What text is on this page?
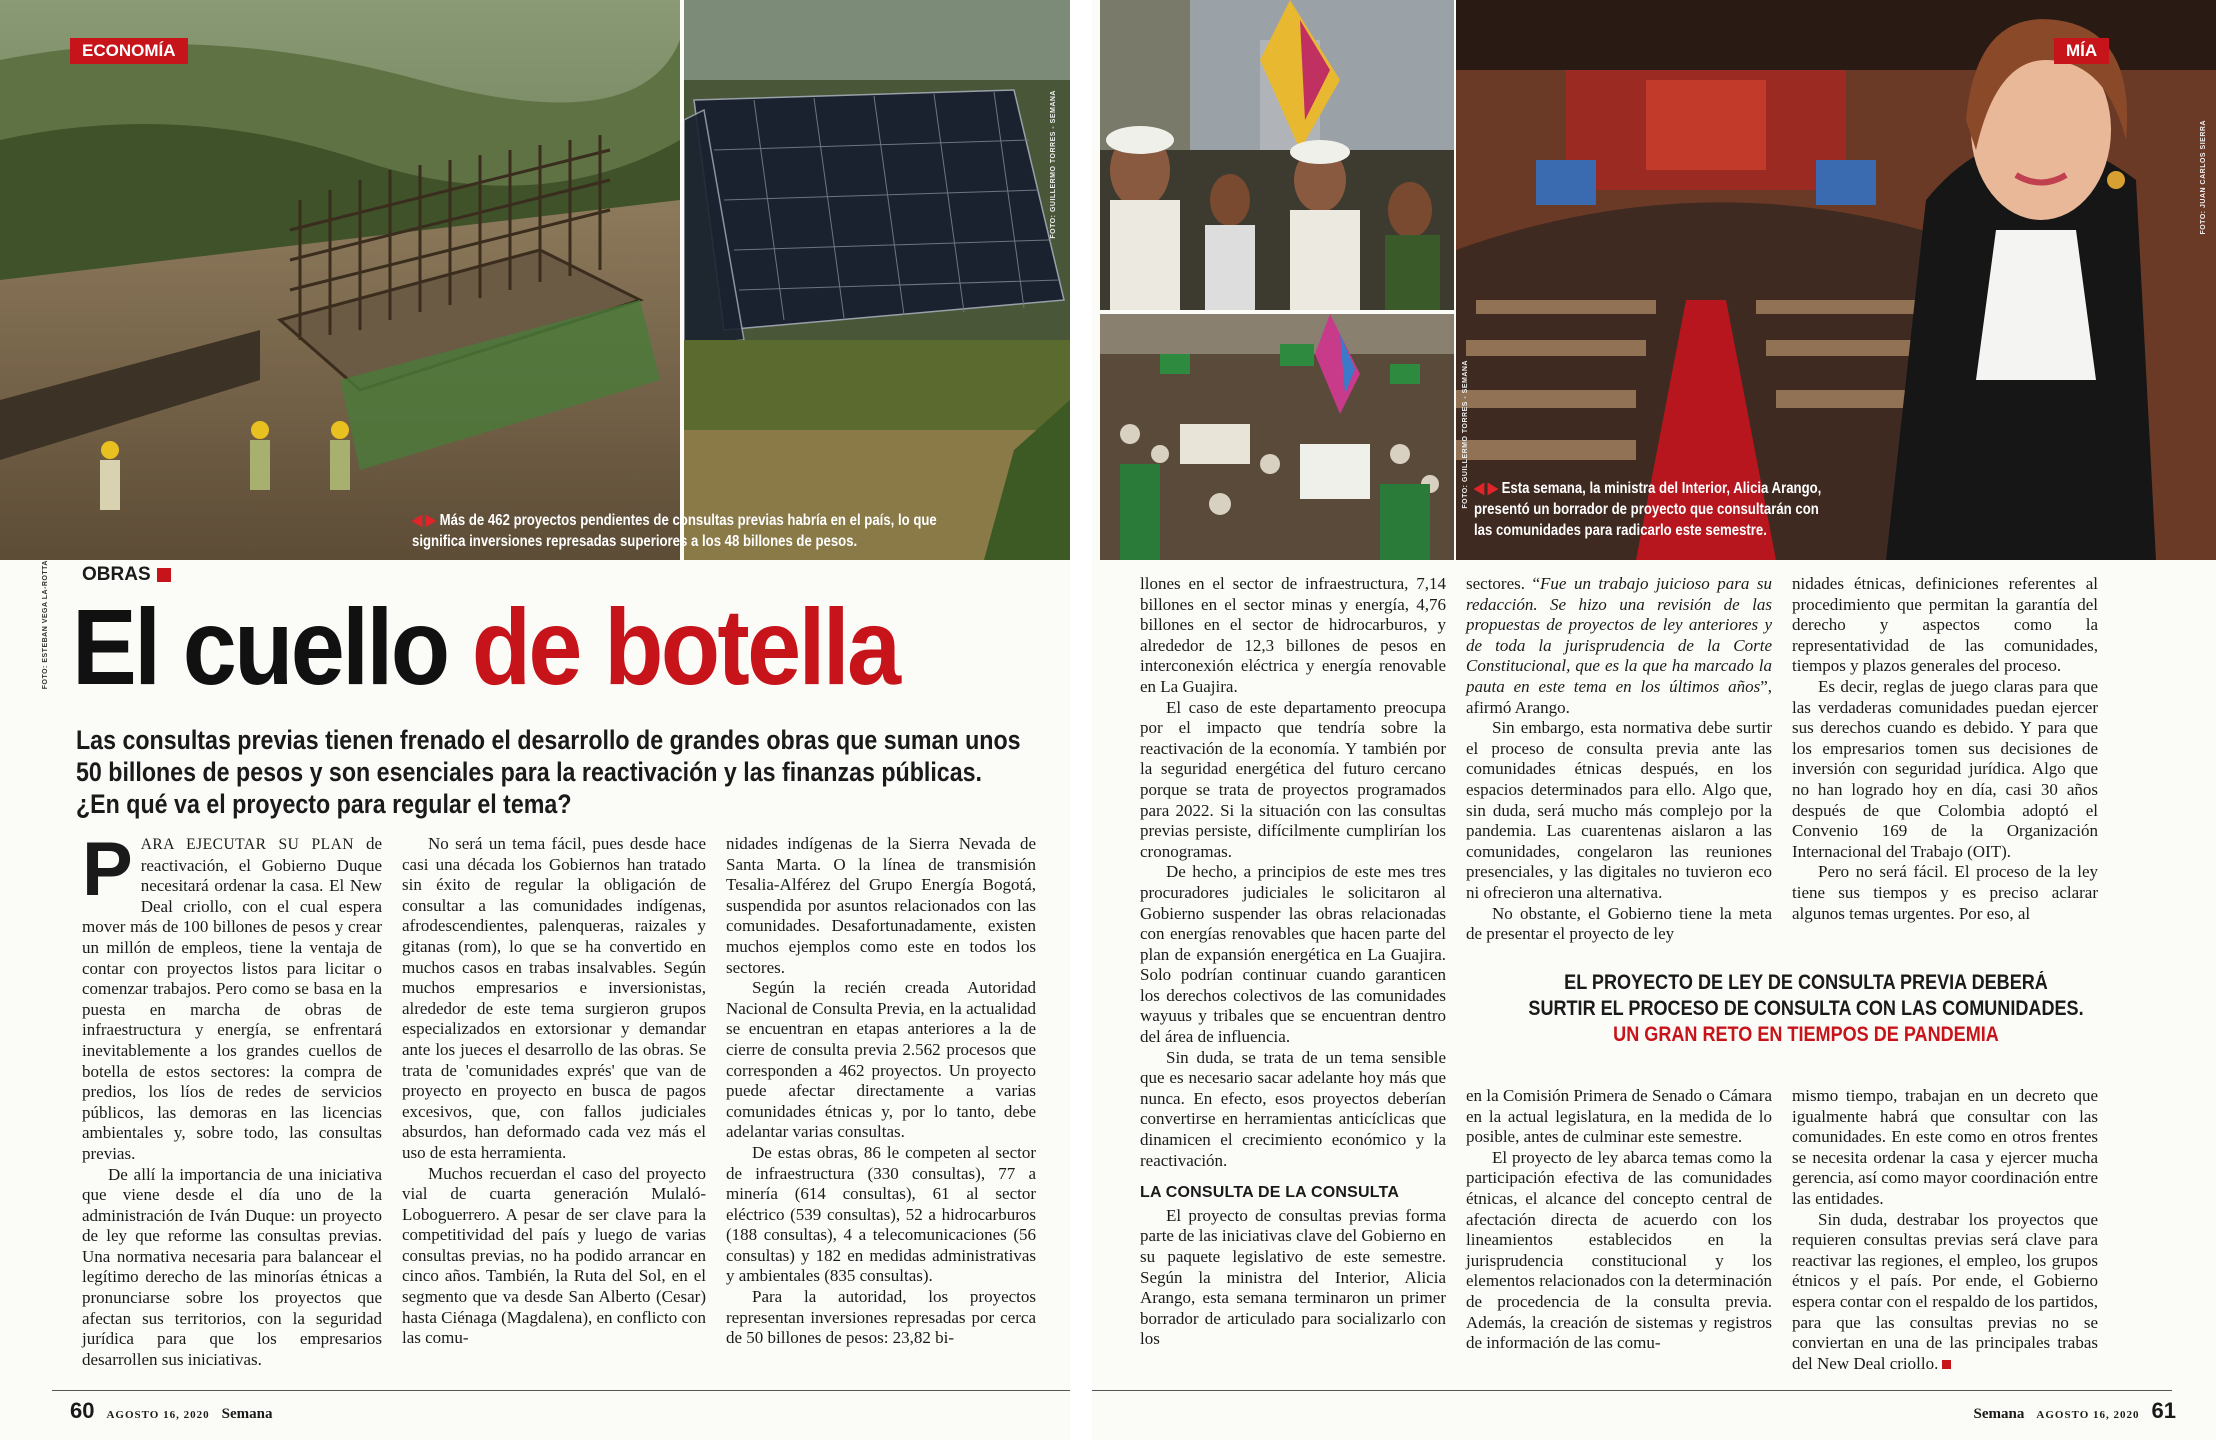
FOTO: ESTEBAN VEGA LA-ROTTA
FOTO: GUILLERMO TORRES - SEMANA
ECONOMÍA
◀ ▶ Más de 462 proyectos pendientes de consultas previas habría en el país, lo que significa inversiones represadas superiores a los 48 billones de pesos.
OBRAS
El cuello de botella
Las consultas previas tienen frenado el desarrollo de grandes obras que suman unos 50 billones de pesos y son esenciales para la reactivación y las finanzas públicas. ¿En qué va el proyecto para regular el tema?

PARA EJECUTAR SU PLAN de reactivación, el Gobierno Duque necesitará ordenar la casa. El New Deal criollo, con el cual espera mover más de 100 billones de pesos y crear un millón de empleos, tiene la ventaja de contar con proyectos listos para licitar o comenzar trabajos. Pero como se basa en la puesta en marcha de obras de infraestructura y energía, se enfrentará inevitablemente a los grandes cuellos de botella de estos sectores: la compra de predios, los líos de redes de servicios públicos, las demoras en las licencias ambientales y, sobre todo, las consultas previas.

De allí la importancia de una iniciativa que viene desde el día uno de la administración de Iván Duque: un proyecto de ley que reforme las consultas previas. Una normativa necesaria para balancear el legítimo derecho de las minorías étnicas a pronunciarse sobre los proyectos que afectan sus territorios, con la seguridad jurídica para que los empresarios desarrollen sus iniciativas.

No será un tema fácil, pues desde hace casi una década los Gobiernos han tratado sin éxito de regular la obligación de consultar a las comunidades indígenas, afrodescendientes, palenqueras, raizales y gitanas (rom), lo que se ha convertido en muchos casos en trabas insalvables. Según muchos empresarios e inversionistas, alrededor de este tema surgieron grupos especializados en extorsionar y demandar ante los jueces el desarrollo de las obras. Se trata de 'comunidades exprés' que van de proyecto en proyecto en busca de pagos excesivos, que, con fallos judiciales absurdos, han deformado cada vez más el uso de esta herramienta.

Muchos recuerdan el caso del proyecto vial de cuarta generación Mulaló-Loboguerrero. A pesar de ser clave para la competitividad del país y luego de varias consultas previas, no ha podido arrancar en cinco años. También, la Ruta del Sol, en el segmento que va desde San Alberto (Cesar) hasta Ciénaga (Magdalena), en conflicto con las comu-

nidades indígenas de la Sierra Nevada de Santa Marta. O la línea de transmisión Tesalia-Alférez del Grupo Energía Bogotá, suspendida por asuntos relacionados con las comunidades. Desafortunadamente, existen muchos ejemplos como este en todos los sectores.

Según la recién creada Autoridad Nacional de Consulta Previa, en la actualidad se encuentran en etapas anteriores a la de cierre de consulta previa 2.562 procesos que corresponden a 462 proyectos. Un proyecto puede afectar directamente a varias comunidades étnicas y, por lo tanto, debe adelantar varias consultas.

De estas obras, 86 le competen al sector de infraestructura (330 consultas), 77 a minería (614 consultas), 61 al sector eléctrico (539 consultas), 52 a hidrocarburos (188 consultas), 4 a telecomunicaciones (56 consultas) y 182 en medidas administrativas y ambientales (835 consultas).

Para la autoridad, los proyectos representan inversiones represadas por cerca de 50 billones de pesos: 23,82 bi-

60 AGOSTO 16, 2020 Semana
FOTO: GUILLERMO TORRES - SEMANA
FOTO: JUAN CARLOS SIERRA
MÍA
◀ ▶ Esta semana, la ministra del Interior, Alicia Arango, presentó un borrador de proyecto que consultarán con las comunidades para radicarlo este semestre.

llones en el sector de infraestructura, 7,14 billones en el sector minas y energía, 4,76 billones en el sector de hidrocarburos, y alrededor de 12,3 billones de pesos en interconexión eléctrica y energía renovable en La Guajira.

El caso de este departamento preocupa por el impacto que tendría sobre la reactivación de la economía. Y también por la seguridad energética del futuro cercano porque se trata de proyectos programados para 2022. Si la situación con las consultas previas persiste, difícilmente cumplirían los cronogramas.

De hecho, a principios de este mes tres procuradores judiciales le solicitaron al Gobierno suspender las obras relacionadas con energías renovables que hacen parte del plan de expansión energética en La Guajira. Solo podrían continuar cuando garanticen los derechos colectivos de las comunidades wayuus y tribales que se encuentran dentro del área de influencia.

Sin duda, se trata de un tema sensible que es necesario sacar adelante hoy más que nunca. En efecto, esos proyectos deberían convertirse en herramientas anticíclicas que dinamicen el crecimiento económico y la reactivación.

LA CONSULTA DE LA CONSULTA

El proyecto de consultas previas forma parte de las iniciativas clave del Gobierno en su paquete legislativo de este semestre. Según la ministra del Interior, Alicia Arango, esta semana terminaron un primer borrador de articulado para socializarlo con los

sectores. “Fue un trabajo juicioso para su redacción. Se hizo una revisión de las propuestas de proyectos de ley anteriores y de toda la jurisprudencia de la Corte Constitucional, que es la que ha marcado la pauta en este tema en los últimos años”, afirmó Arango.

Sin embargo, esta normativa debe surtir el proceso de consulta previa ante las comunidades étnicas después, en los espacios determinados para ello. Algo que, sin duda, será mucho más complejo por la pandemia. Las cuarentenas aislaron a las comunidades, congelaron las reuniones presenciales, y las digitales no tuvieron eco ni ofrecieron una alternativa.

No obstante, el Gobierno tiene la meta de presentar el proyecto de ley

nidades étnicas, definiciones referentes al procedimiento que permitan la garantía del derecho y aspectos como la representatividad de las comunidades, tiempos y plazos generales del proceso.

Es decir, reglas de juego claras para que las verdaderas comunidades puedan ejercer sus derechos cuando es debido. Y para que los empresarios tomen sus decisiones de inversión con seguridad jurídica. Algo que no han logrado hoy en día, casi 30 años después de que Colombia adoptó el Convenio 169 de la Organización Internacional del Trabajo (OIT).

Pero no será fácil. El proceso de la ley tiene sus tiempos y es preciso aclarar algunos temas urgentes. Por eso, al

EL PROYECTO DE LEY DE CONSULTA PREVIA DEBERÁ
SURTIR EL PROCESO DE CONSULTA CON LAS COMUNIDADES.
UN GRAN RETO EN TIEMPOS DE PANDEMIA

en la Comisión Primera de Senado o Cámara en la actual legislatura, en la medida de lo posible, antes de culminar este semestre.

El proyecto de ley abarca temas como la participación efectiva de las comunidades étnicas, el alcance del concepto central de afectación directa de acuerdo con los lineamientos establecidos en la jurisprudencia constitucional y los elementos relacionados con la determinación de procedencia de la consulta previa. Además, la creación de sistemas y registros de información de las comu-

mismo tiempo, trabajan en un decreto que igualmente habrá que consultar con las comunidades. En este como en otros frentes se necesita ordenar la casa y ejercer mucha gerencia, así como mayor coordinación entre las entidades.

Sin duda, destrabar los proyectos que requieren consultas previas será clave para reactivar las regiones, el empleo, los grupos étnicos y el país. Por ende, el Gobierno espera contar con el respaldo de los partidos, para que las consultas previas no se conviertan en una de las principales trabas del New Deal criollo.

Semana AGOSTO 16, 2020 61
